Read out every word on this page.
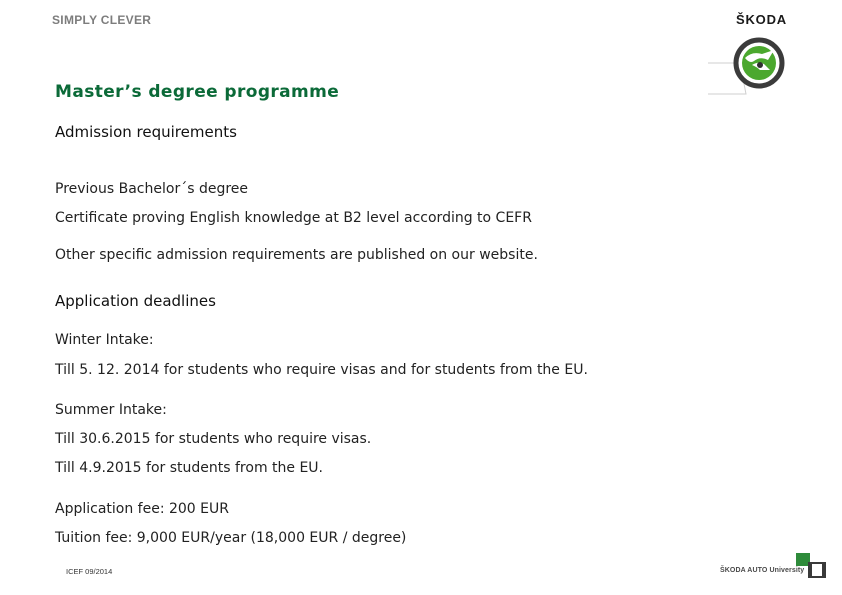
SIMPLY CLEVER	ŠKODA
Master’s degree programme
Admission requirements
Previous Bachelor´s degree
Certificate proving English knowledge at B2 level according to CEFR
Other specific admission requirements are published on our website.
Application deadlines
Winter Intake:
Till 5. 12. 2014 for students who require visas and for students from the EU.
Summer Intake:
Till 30.6.2015 for students who require visas.
Till 4.9.2015 for students from the EU.
Application fee: 200 EUR
Tuition fee: 9,000 EUR/year (18,000 EUR / degree)
ICEF 09/2014	ŠKODA AUTO University
